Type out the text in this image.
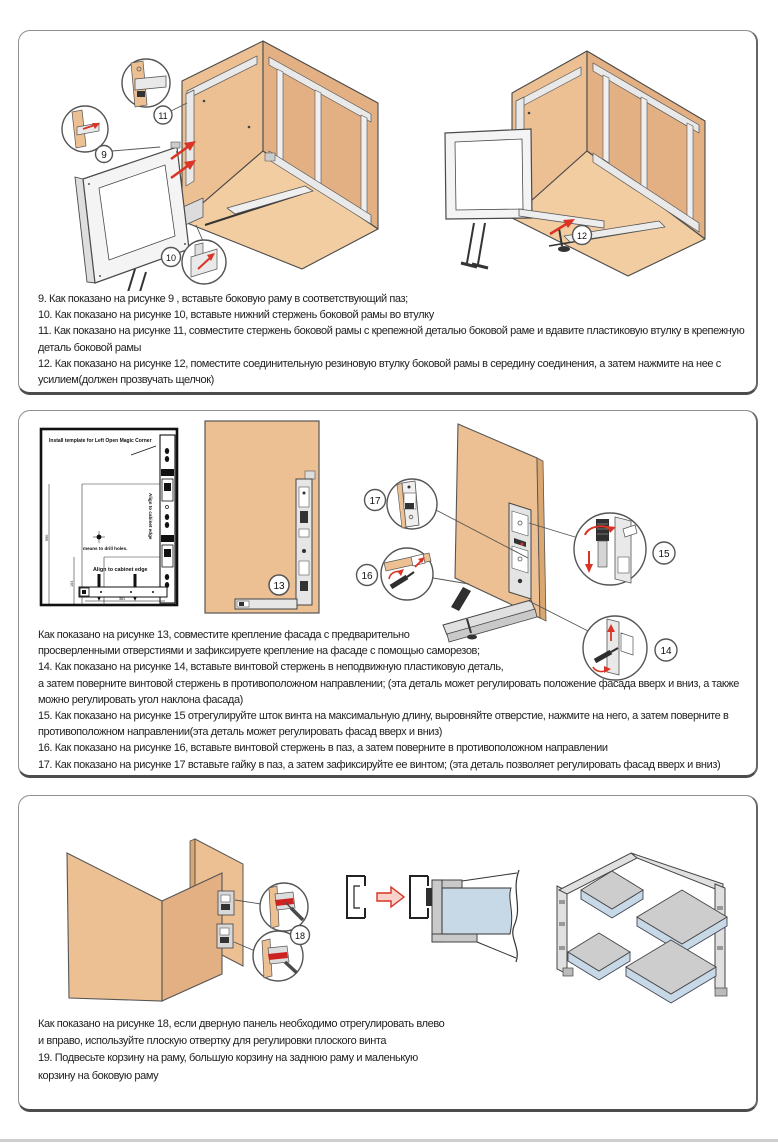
9
11
10
12
9. Как показано на рисунке 9 , вставьте боковую раму в соответствующий паз;
10. Как показано на рисунке 10, вставьте нижний стержень боковой рамы во втулку
11. Как показано на рисунке 11, совместите стержень боковой рамы с крепежной деталью боковой раме и вдавите пластиковую втулку в крепежную
деталь боковой рамы
12. Как показано на рисунке 12, поместите соединительную резиновую втулку боковой рамы в середину соединения, а затем нажмите на нее с
усилием(должен прозвучать щелчок)
Install template for Left Open Magic Corner
Align to cabinet edge
means to drill holes.
Align to cabinet edge
361
590
104	13
17
16
15
14
Как показано на рисунке 13, совместите крепление фасада с предварительно
просверленными отверстиями и зафиксируете крепление на фасаде с помощью саморезов;
14. Как показано на рисунке 14, вставьте винтовой стержень в неподвижную пластиковую деталь,
а затем поверните винтовой стержень в противоположном направлении; (эта деталь может регулировать положение фасада вверх и вниз, а также
можно регулировать угол наклона фасада)
15. Как показано на рисунке 15 отрегулируйте шток винта на максимальную длину, выровняйте отверстие, нажмите на него, а затем поверните в
противоположном направлении(эта деталь может регулировать фасад вверх и вниз)
16. Как показано на рисунке 16, вставьте винтовой стержень в паз, а затем поверните в противоположном направлении
17. Как показано на рисунке 17 вставьте гайку в паз, а затем зафиксируйте ее винтом; (эта деталь позволяет регулировать фасад вверх и вниз)
18
Как показано на рисунке 18, если дверную панель необходимо отрегулировать влево
и вправо, используйте плоскую отвертку для регулировки плоского винта
19. Подвесьте корзину на раму, большую корзину на заднюю раму и маленькую
корзину на боковую раму
